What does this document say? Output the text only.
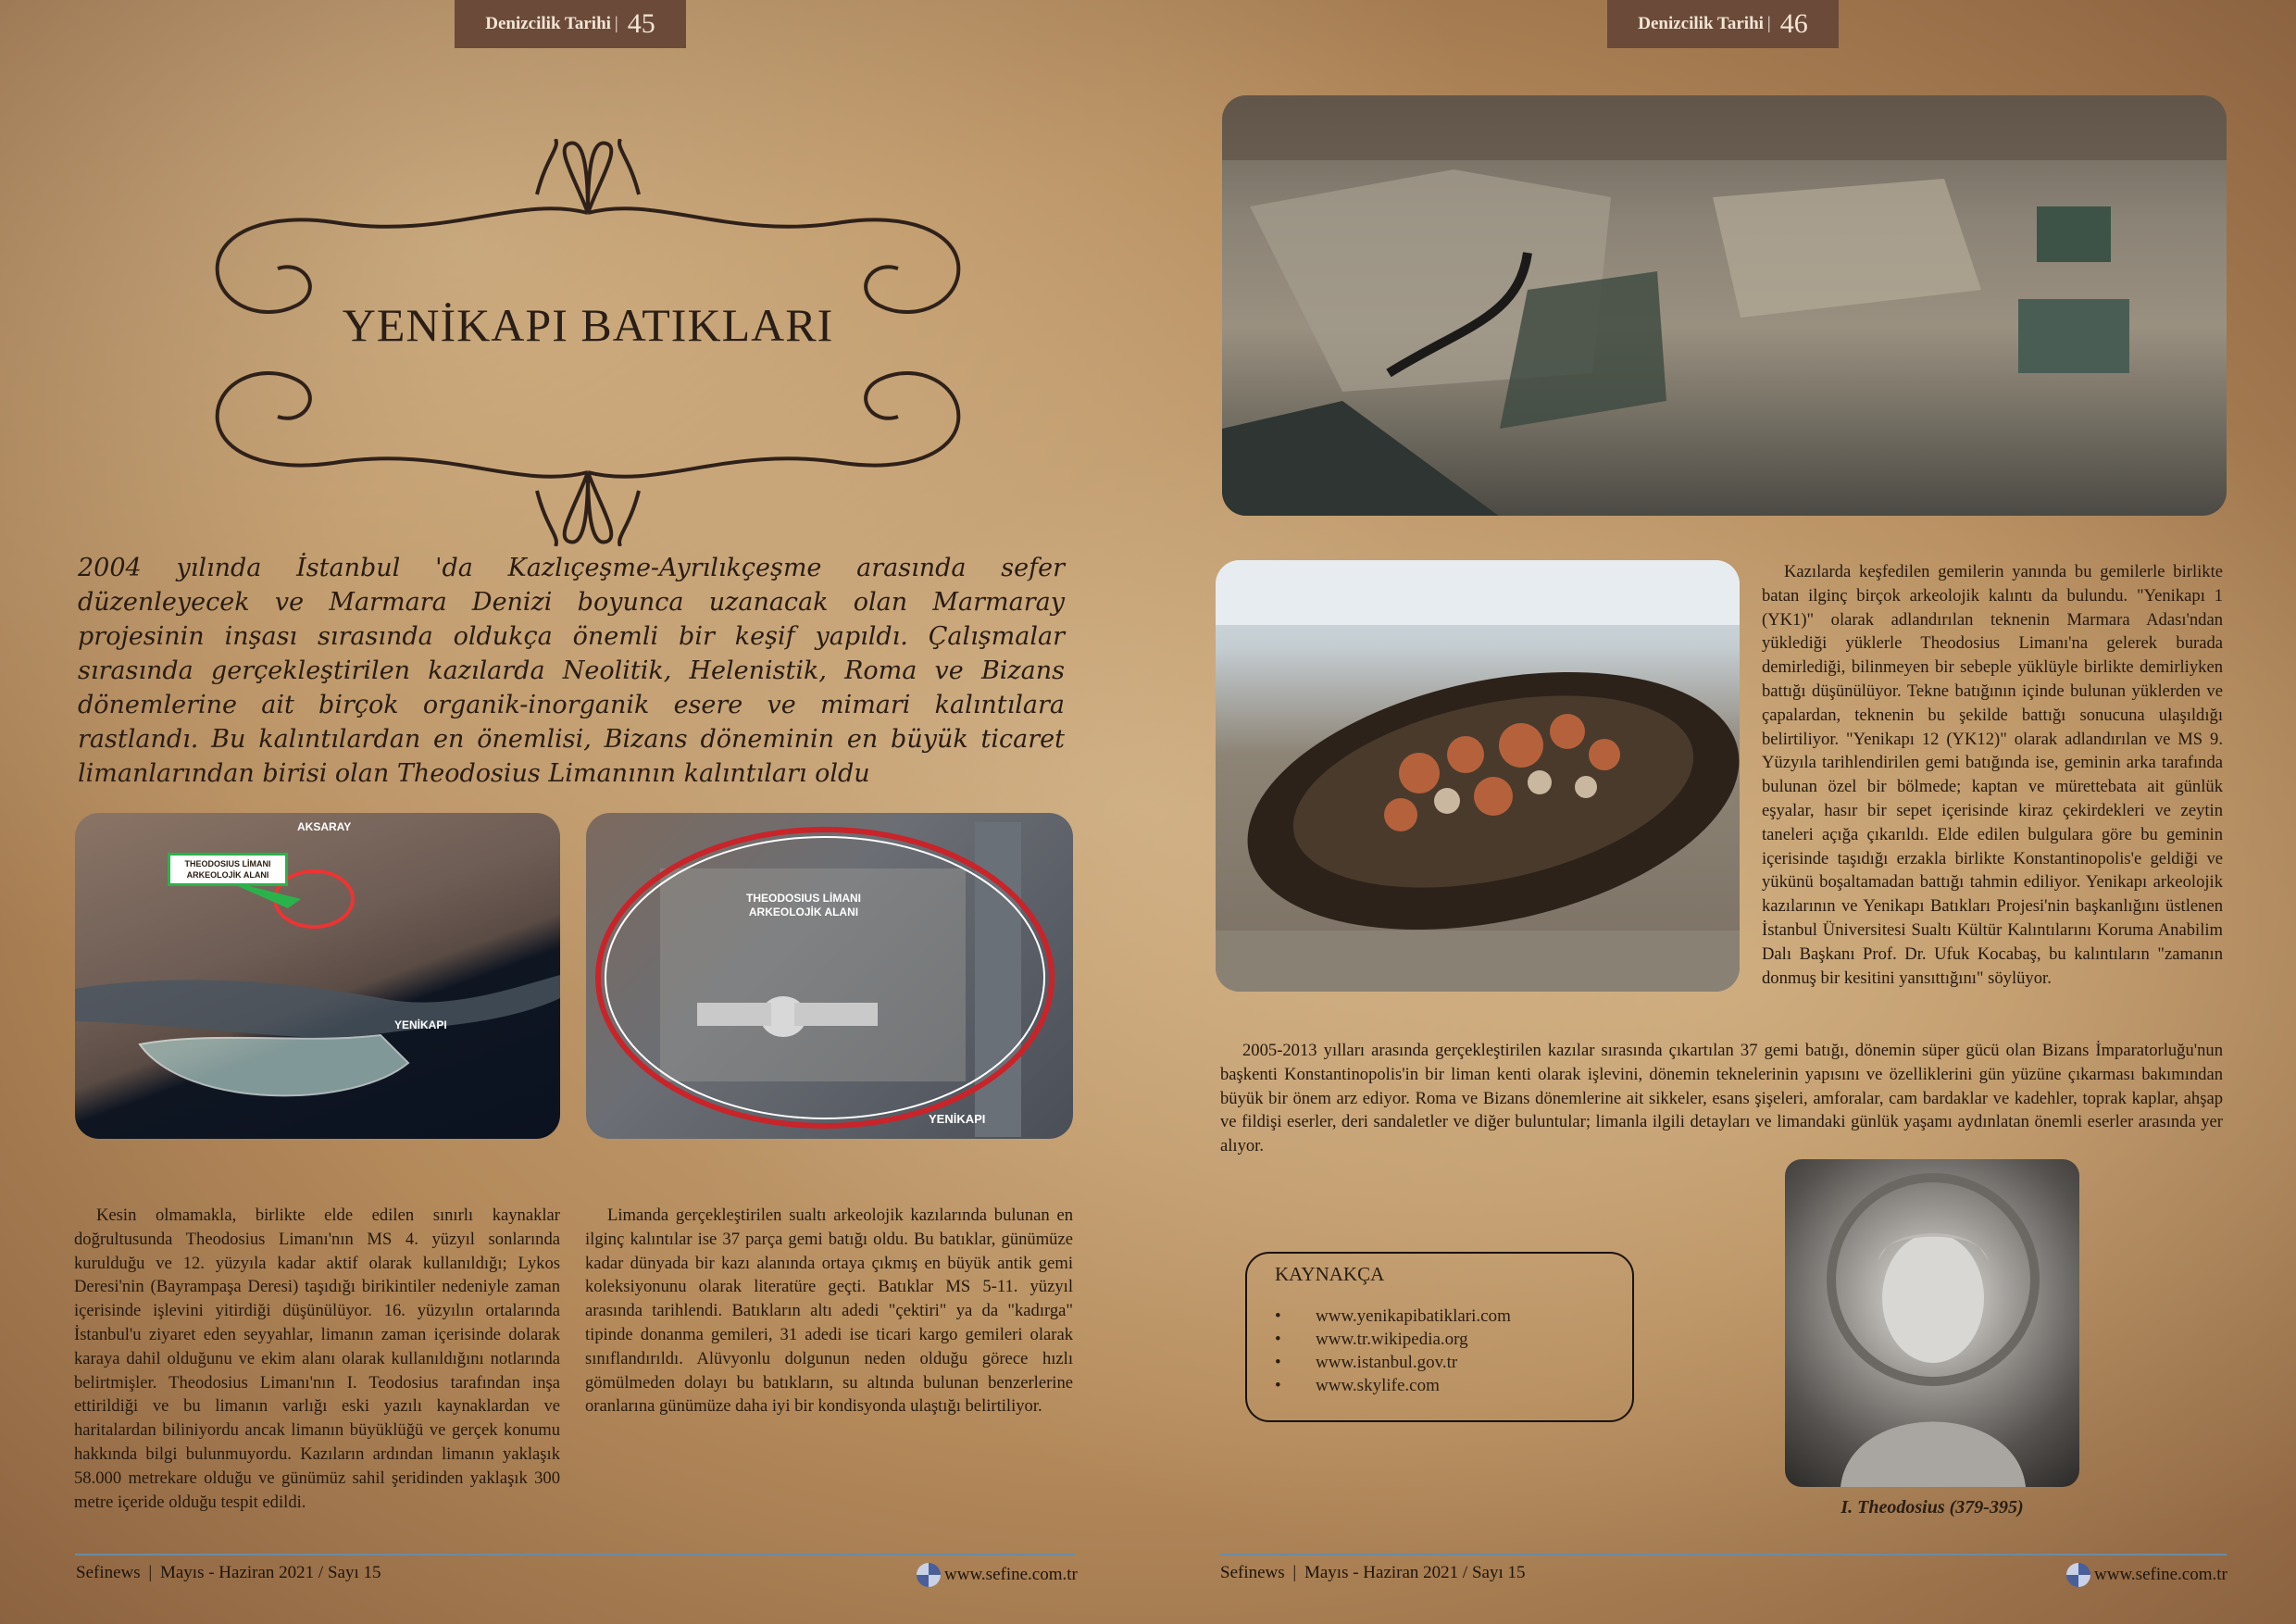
Denizcilik Tarihi | 45	Denizcilik Tarihi | 46
YENİKAPI BATIKLARI
2004 yılında İstanbul 'da Kazlıçeşme-Ayrılıkçeşme arasında sefer düzenleyecek ve Marmara Denizi boyunca uzanacak olan Marmaray projesinin inşası sırasında oldukça önemli bir keşif yapıldı. Çalışmalar sırasında gerçekleştirilen kazılarda Neolitik, Helenistik, Roma ve Bizans dönemlerine ait birçok organik-inorganik esere ve mimari kalıntılara rastlandı. Bu kalıntılardan en önemlisi, Bizans döneminin en büyük ticaret limanlarından birisi olan Theodosius Limanının kalıntıları oldu
AKSARAY
THEODOSIUS LİMANI ARKEOLOJİK ALANI
YENİKAPI
THEODOSIUS LİMANI ARKEOLOJİK ALANI
YENİKAPI
Kesin olmamakla, birlikte elde edilen sınırlı kaynaklar doğrultusunda Theodosius Limanı'nın MS 4. yüzyıl sonlarında kurulduğu ve 12. yüzyıla kadar aktif olarak kullanıldığı; Lykos Deresi'nin (Bayrampaşa Deresi) taşıdığı birikintiler nedeniyle zaman içerisinde işlevini yitirdiği düşünülüyor. 16. yüzyılın ortalarında İstanbul'u ziyaret eden seyyahlar, limanın zaman içerisinde dolarak karaya dahil olduğunu ve ekim alanı olarak kullanıldığını notlarında belirtmişler. Theodosius Limanı'nın I. Teodosius tarafından inşa ettirildiği ve bu limanın varlığı eski yazılı kaynaklardan ve haritalardan biliniyordu ancak limanın büyüklüğü ve gerçek konumu hakkında bilgi bulunmuyordu. Kazıların ardından limanın yaklaşık 58.000 metrekare olduğu ve günümüz sahil şeridinden yaklaşık 300 metre içeride olduğu tespit edildi.
Limanda gerçekleştirilen sualtı arkeolojik kazılarında bulunan en ilginç kalıntılar ise 37 parça gemi batığı oldu. Bu batıklar, günümüze kadar dünyada bir kazı alanında ortaya çıkmış en büyük antik gemi koleksiyonunu olarak literatüre geçti. Batıklar MS 5-11. yüzyıl arasında tarihlendi. Batıkların altı adedi "çektiri" ya da "kadırga" tipinde donanma gemileri, 31 adedi ise ticari kargo gemileri olarak sınıflandırıldı. Alüvyonlu dolgunun neden olduğu görece hızlı gömülmeden dolayı bu batıkların, su altında bulunan benzerlerine oranlarına günümüze daha iyi bir kondisyonda ulaştığı belirtiliyor.
Kazılarda keşfedilen gemilerin yanında bu gemilerle birlikte batan ilginç birçok arkeolojik kalıntı da bulundu. "Yenikapı 1 (YK1)" olarak adlandırılan teknenin Marmara Adası'ndan yüklediği yüklerle Theodosius Limanı'na gelerek burada demirlediği, bilinmeyen bir sebeple yüklüyle birlikte demirliyken battığı düşünülüyor. Tekne batığının içinde bulunan yüklerden ve çapalardan, teknenin bu şekilde battığı sonucuna ulaşıldığı belirtiliyor. "Yenikapı 12 (YK12)" olarak adlandırılan ve MS 9. Yüzyıla tarihlendirilen gemi batığında ise, geminin arka tarafında bulunan özel bir bölmede; kaptan ve mürettebata ait günlük eşyalar, hasır bir sepet içerisinde kiraz çekirdekleri ve zeytin taneleri açığa çıkarıldı. Elde edilen bulgulara göre bu geminin içerisinde taşıdığı erzakla birlikte Konstantinopolis'e geldiği ve yükünü boşaltamadan battığı tahmin ediliyor. Yenikapı arkeolojik kazılarının ve Yenikapı Batıkları Projesi'nin başkanlığını üstlenen İstanbul Üniversitesi Sualtı Kültür Kalıntılarını Koruma Anabilim Dalı Başkanı Prof. Dr. Ufuk Kocabaş, bu kalıntıların "zamanın donmuş bir kesitini yansıttığını" söylüyor.
2005-2013 yılları arasında gerçekleştirilen kazılar sırasında çıkartılan 37 gemi batığı, dönemin süper gücü olan Bizans İmparatorluğu'nun başkenti Konstantinopolis'in bir liman kenti olarak işlevini, dönemin teknelerinin yapısını ve özelliklerini gün yüzüne çıkarması bakımından büyük bir önem arz ediyor. Roma ve Bizans dönemlerine ait sikkeler, esans şişeleri, amforalar, cam bardaklar ve kadehler, toprak kaplar, ahşap ve fildişi eserler, deri sandaletler ve diğer buluntular; limanla ilgili detayları ve limandaki günlük yaşamı aydınlatan önemli eserler arasında yer alıyor.
KAYNAKÇA
• www.yenikapibatiklari.com
• www.tr.wikipedia.org
• www.istanbul.gov.tr
• www.skylife.com
I. Theodosius (379-395)
Sefinews | Mayıs - Haziran 2021 / Sayı 15	www.sefine.com.tr	Sefinews | Mayıs - Haziran 2021 / Sayı 15	www.sefine.com.tr
